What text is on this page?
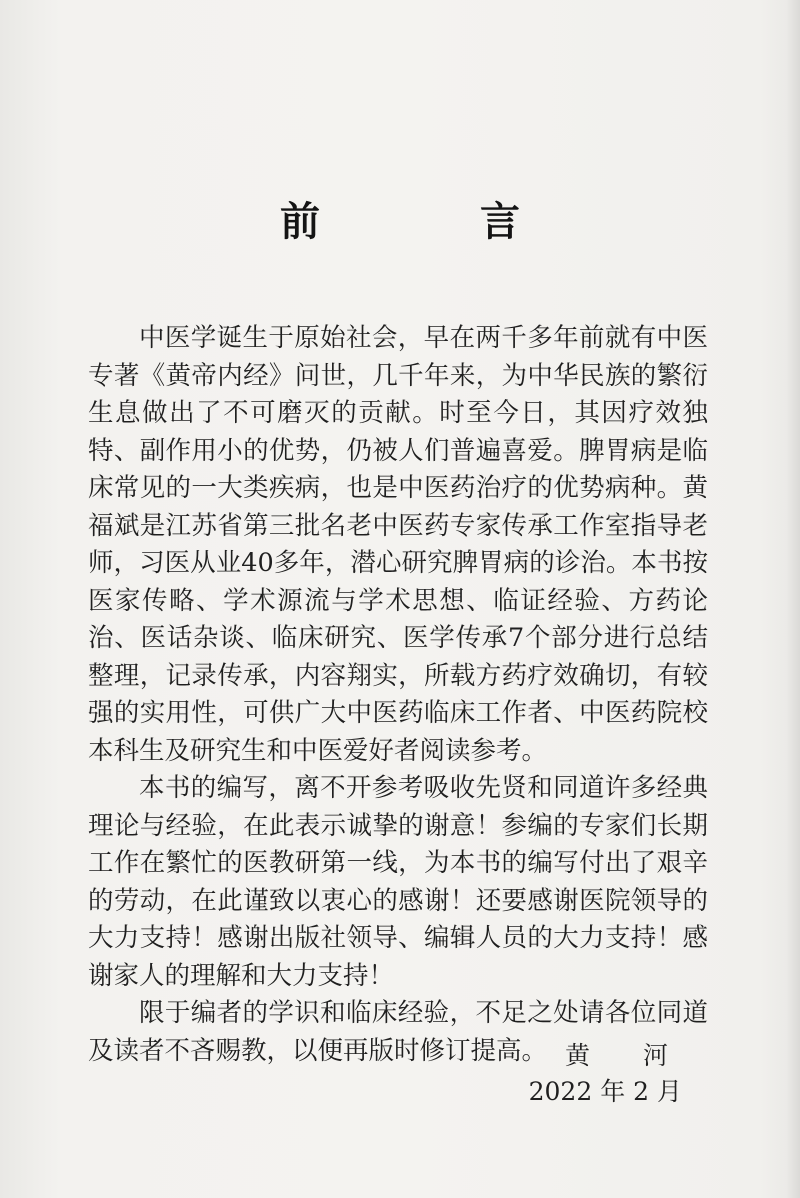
前　言

中医学诞生于原始社会，早在两千多年前就有中医专著《黄帝内经》问世，几千年来，为中华民族的繁衍生息做出了不可磨灭的贡献。时至今日，其因疗效独特、副作用小的优势，仍被人们普遍喜爱。脾胃病是临床常见的一大类疾病，也是中医药治疗的优势病种。黄福斌是江苏省第三批名老中医药专家传承工作室指导老师，习医从业40多年，潜心研究脾胃病的诊治。本书按医家传略、学术源流与学术思想、临证经验、方药论治、医话杂谈、临床研究、医学传承7个部分进行总结整理，记录传承，内容翔实，所载方药疗效确切，有较强的实用性，可供广大中医药临床工作者、中医药院校本科生及研究生和中医爱好者阅读参考。

本书的编写，离不开参考吸收先贤和同道许多经典理论与经验，在此表示诚挚的谢意！参编的专家们长期工作在繁忙的医教研第一线，为本书的编写付出了艰辛的劳动，在此谨致以衷心的感谢！还要感谢医院领导的大力支持！感谢出版社领导、编辑人员的大力支持！感谢家人的理解和大力支持！

限于编者的学识和临床经验，不足之处请各位同道及读者不吝赐教，以便再版时修订提高。 黄　河
2022 年 2 月
